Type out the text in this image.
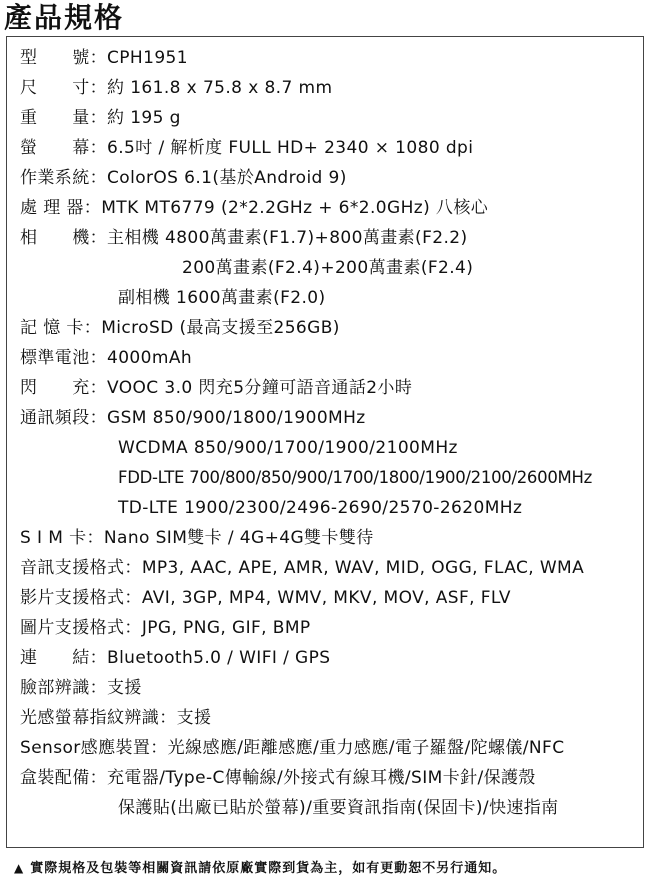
產品規格
型　　號：CPH1951
尺　　寸：約 161.8 x 75.8 x 8.7 mm
重　　量：約 195 g
螢　　幕：6.5吋 / 解析度 FULL HD+ 2340 × 1080 dpi
作業系統：ColorOS 6.1(基於Android 9)
處 理 器：MTK MT6779 (2*2.2GHz + 6*2.0GHz) 八核心
相　　機：主相機 4800萬畫素(F1.7)+800萬畫素(F2.2)
200萬畫素(F2.4)+200萬畫素(F2.4)
副相機 1600萬畫素(F2.0)
記 憶 卡：MicroSD (最高支援至256GB)
標準電池：4000mAh
閃　　充：VOOC 3.0 閃充5分鐘可語音通話2小時
通訊頻段：GSM 850/900/1800/1900MHz
WCDMA 850/900/1700/1900/2100MHz
FDD-LTE 700/800/850/900/1700/1800/1900/2100/2600MHz
TD-LTE 1900/2300/2496-2690/2570-2620MHz
S I M 卡：Nano SIM雙卡 / 4G+4G雙卡雙待
音訊支援格式：MP3, AAC, APE, AMR, WAV, MID, OGG, FLAC, WMA
影片支援格式：AVI, 3GP, MP4, WMV, MKV, MOV, ASF, FLV
圖片支援格式：JPG, PNG, GIF, BMP
連　　結：Bluetooth5.0 / WIFI / GPS
臉部辨識：支援
光感螢幕指紋辨識：支援
Sensor感應裝置：光線感應/距離感應/重力感應/電子羅盤/陀螺儀/NFC
盒裝配備：充電器/Type-C傳輸線/外接式有線耳機/SIM卡針/保護殼
保護貼(出廠已貼於螢幕)/重要資訊指南(保固卡)/快速指南
▲ 實際規格及包裝等相關資訊請依原廠實際到貨為主，如有更動恕不另行通知。
